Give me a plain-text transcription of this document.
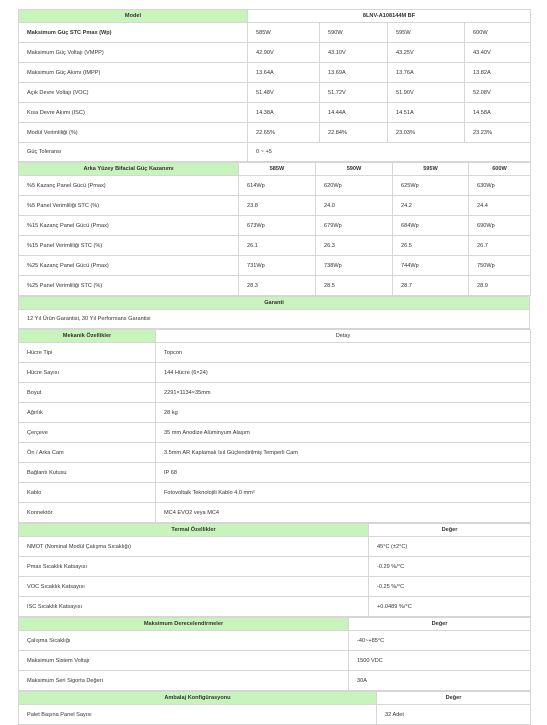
Model	8LNV-A108144M BF			
Maksimum Güç STC Pmax (Wp)	585W	590W	595W	600W
Maksimum Güç Voltajı (VMPP)	42.90V	43.10V	43.25V	43.40V
Maksimum Güç Akımı (IMPP)	13.64A	13.69A	13.76A	13.82A
Açık Devre Voltajı (VOC)	51.48V	51.72V	51.90V	52.08V
Kısa Devre Akımı (ISC)	14.38A	14.44A	14.51A	14.58A
Modül Verimliliği (%)	22.65%	22.84%	23.03%	23.23%
Güç Toleransı	0 ~ +5			
Arka Yüzey Bifacial Güç Kazanımı	585W	590W	595W	600W
%5 Kazanç Panel Gücü (Pmax)	614Wp	620Wp	625Wp	630Wp
%5 Panel Verimliliği STC (%)	23.8	24.0	24.2	24.4
%15 Kazanç Panel Gücü (Pmax)	673Wp	679Wp	684Wp	690Wp
%15 Panel Verimliliği STC (%)	26.1	26.3	26.5	26.7
%25 Kazanç Panel Gücü (Pmax)	731Wp	738Wp	744Wp	750Wp
%25 Panel Verimliliği STC (%)	28.3	28.5	28.7	28.9
Garanti
12 Yıl Ürün Garantisi, 30 Yıl Performans Garantisi
Mekanik Özellikler	Detay
Hücre Tipi	Topcon
Hücre Sayısı	144 Hücre (6×24)
Boyut	2291×1134×35mm
Ağırlık	28 kg
Çerçeve	35 mm Anodize Alüminyum Alaşım
Ön / Arka Cam	3.5mm AR Kaplamalı Isıl Güçlendirilmiş Temperli Cam
Bağlantı Kutusu	IP 68
Kablo	Fotovoltaik Teknolojili Kablo 4.0 mm²
Konnektör	MC4 EVO2 veya MC4
Termal Özellikler	Değer
NMOT (Nominal Modül Çalışma Sıcaklığı)	45°C (±2°C)
Pmax Sıcaklık Katsayısı	-0.29 %/°C
VOC Sıcaklık Katsayısı	-0.25 %/°C
ISC Sıcaklık Katsayısı	+0.0489 %/°C
Maksimum Derecelendirmeler	Değer
Çalışma Sıcaklığı	-40~+85°C
Maksimum Sistem Voltajı	1500 VDC
Maksimum Seri Sigorta Değeri	30A
Ambalaj Konfigürasyonu	Değer
Palet Başına Panel Sayısı	32 Adet
